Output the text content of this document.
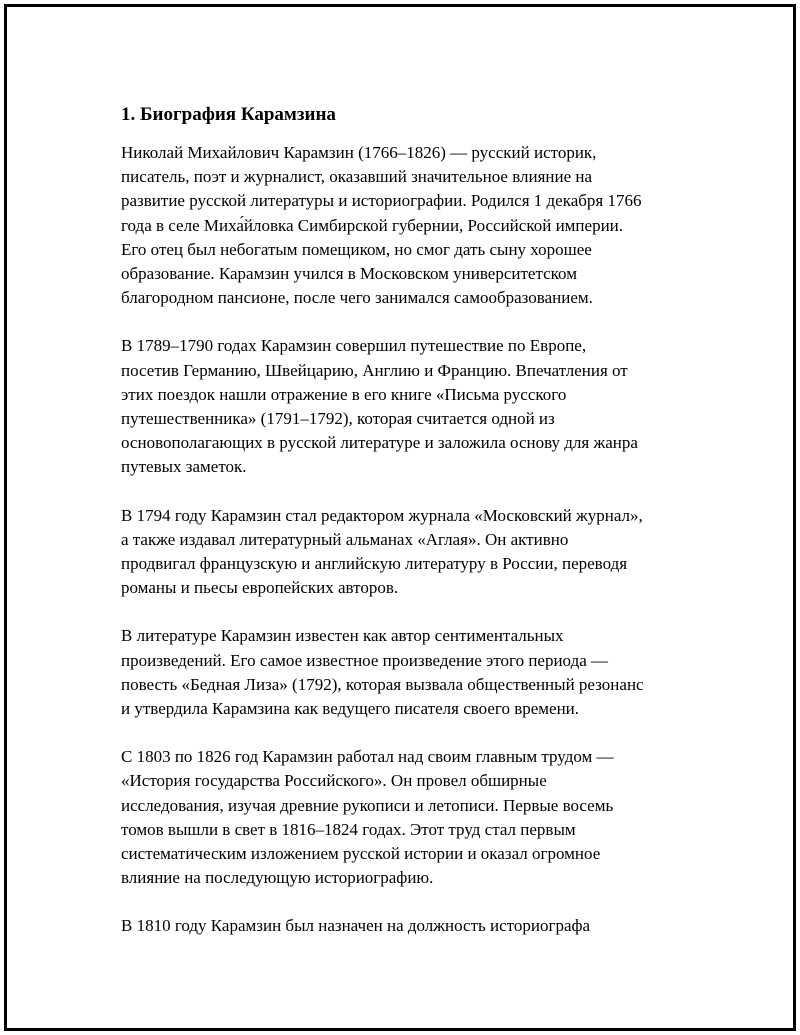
1. Биография Карамзина

Николай Михайлович Карамзин (1766–1826) — русский историк,
писатель, поэт и журналист, оказавший значительное влияние на
развитие русской литературы и историографии. Родился 1 декабря 1766
года в селе Миха́йловка Симбирской губернии, Российской империи.
Его отец был небогатым помещиком, но смог дать сыну хорошее
образование. Карамзин учился в Московском университетском
благородном пансионе, после чего занимался самообразованием.

В 1789–1790 годах Карамзин совершил путешествие по Европе,
посетив Германию, Швейцарию, Англию и Францию. Впечатления от
этих поездок нашли отражение в его книге «Письма русского
путешественника» (1791–1792), которая считается одной из
основополагающих в русской литературе и заложила основу для жанра
путевых заметок.

В 1794 году Карамзин стал редактором журнала «Московский журнал»,
а также издавал литературный альманах «Аглая». Он активно
продвигал французскую и английскую литературу в России, переводя
романы и пьесы европейских авторов.

В литературе Карамзин известен как автор сентиментальных
произведений. Его самое известное произведение этого периода —
повесть «Бедная Лиза» (1792), которая вызвала общественный резонанс
и утвердила Карамзина как ведущего писателя своего времени.

С 1803 по 1826 год Карамзин работал над своим главным трудом —
«История государства Российского». Он провел обширные
исследования, изучая древние рукописи и летописи. Первые восемь
томов вышли в свет в 1816–1824 годах. Этот труд стал первым
систематическим изложением русской истории и оказал огромное
влияние на последующую историографию.

В 1810 году Карамзин был назначен на должность историографа
